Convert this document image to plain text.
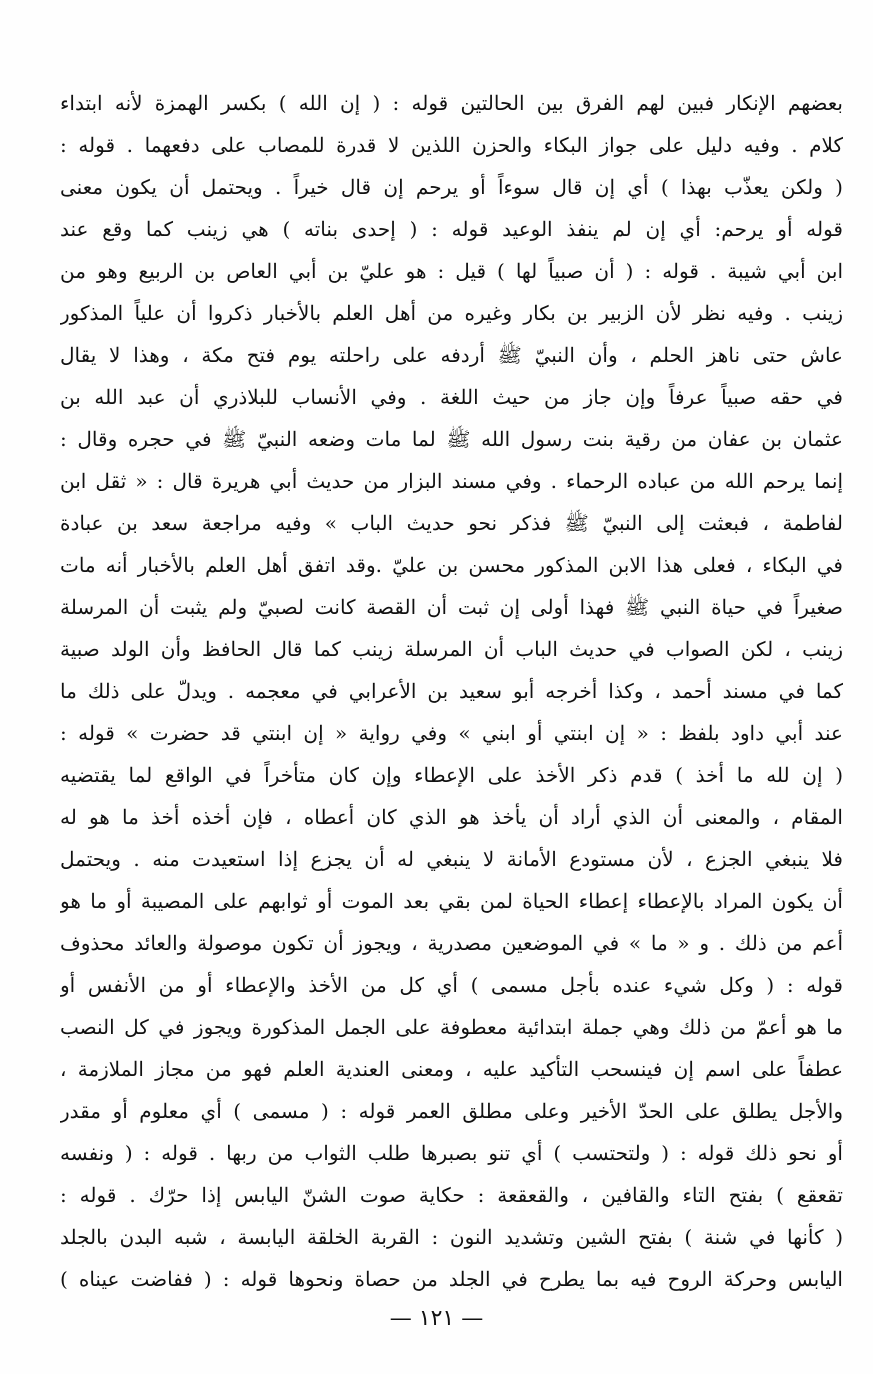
بعضهم الإنكار فبين لهم الفرق بين الحالتين قوله : ( إن الله ) بكسر الهمزة لأنه ابتداء
كلام . وفيه دليل على جواز البكاء والحزن اللذين لا قدرة للمصاب على دفعهما . قوله :
( ولكن يعذّب بهذا ) أي إن قال سوءاً أو يرحم إن قال خيراً . ويحتمل أن يكون معنى
قوله أو يرحم: أي إن لم ينفذ الوعيد قوله : ( إحدى بناته ) هي زينب كما وقع عند
ابن أبي شيبة . قوله : ( أن صبياً لها ) قيل : هو عليّ بن أبي العاص بن الربيع وهو من
زينب . وفيه نظر لأن الزبير بن بكار وغيره من أهل العلم بالأخبار ذكروا أن علياً المذكور
عاش حتى ناهز الحلم ، وأن النبيّ ﷺ أردفه على راحلته يوم فتح مكة ، وهذا لا يقال
في حقه صبياً عرفاً وإن جاز من حيث اللغة . وفي الأنساب للبلاذري أن عبد الله بن
عثمان بن عفان من رقية بنت رسول الله ﷺ لما مات وضعه النبيّ ﷺ في حجره وقال :
إنما يرحم الله من عباده الرحماء . وفي مسند البزار من حديث أبي هريرة قال : « ثقل ابن
لفاطمة ، فبعثت إلى النبيّ ﷺ فذكر نحو حديث الباب » وفيه مراجعة سعد بن عبادة
في البكاء ، فعلى هذا الابن المذكور محسن بن عليّ .وقد اتفق أهل العلم بالأخبار أنه مات
صغيراً في حياة النبي ﷺ فهذا أولى إن ثبت أن القصة كانت لصبيّ ولم يثبت أن المرسلة
زينب ، لكن الصواب في حديث الباب أن المرسلة زينب كما قال الحافظ وأن الولد صبية
كما في مسند أحمد ، وكذا أخرجه أبو سعيد بن الأعرابي في معجمه . ويدلّ على ذلك ما
عند أبي داود بلفظ : « إن ابنتي أو ابني » وفي رواية « إن ابنتي قد حضرت » قوله :
( إن لله ما أخذ ) قدم ذكر الأخذ على الإعطاء وإن كان متأخراً في الواقع لما يقتضيه
المقام ، والمعنى أن الذي أراد أن يأخذ هو الذي كان أعطاه ، فإن أخذه أخذ ما هو له
فلا ينبغي الجزع ، لأن مستودع الأمانة لا ينبغي له أن يجزع إذا استعيدت منه . ويحتمل
أن يكون المراد بالإعطاء إعطاء الحياة لمن بقي بعد الموت أو ثوابهم على المصيبة أو ما هو
أعم من ذلك . و « ما » في الموضعين مصدرية ، ويجوز أن تكون موصولة والعائد محذوف
قوله : ( وكل شيء عنده بأجل مسمى ) أي كل من الأخذ والإعطاء أو من الأنفس أو
ما هو أعمّ من ذلك وهي جملة ابتدائية معطوفة على الجمل المذكورة ويجوز في كل النصب
عطفاً على اسم إن فينسحب التأكيد عليه ، ومعنى العندية العلم فهو من مجاز الملازمة ،
والأجل يطلق على الحدّ الأخير وعلى مطلق العمر قوله : ( مسمى ) أي معلوم أو مقدر
أو نحو ذلك قوله : ( ولتحتسب ) أي تنو بصبرها طلب الثواب من ربها . قوله : ( ونفسه
تقعقع ) بفتح التاء والقافين ، والقعقعة : حكاية صوت الشنّ اليابس إذا حرّك . قوله :
( كأنها في شنة ) بفتح الشين وتشديد النون : القربة الخلقة اليابسة ، شبه البدن بالجلد
اليابس وحركة الروح فيه بما يطرح في الجلد من حصاة ونحوها قوله : ( ففاضت عيناه )
— ١٢١ —
